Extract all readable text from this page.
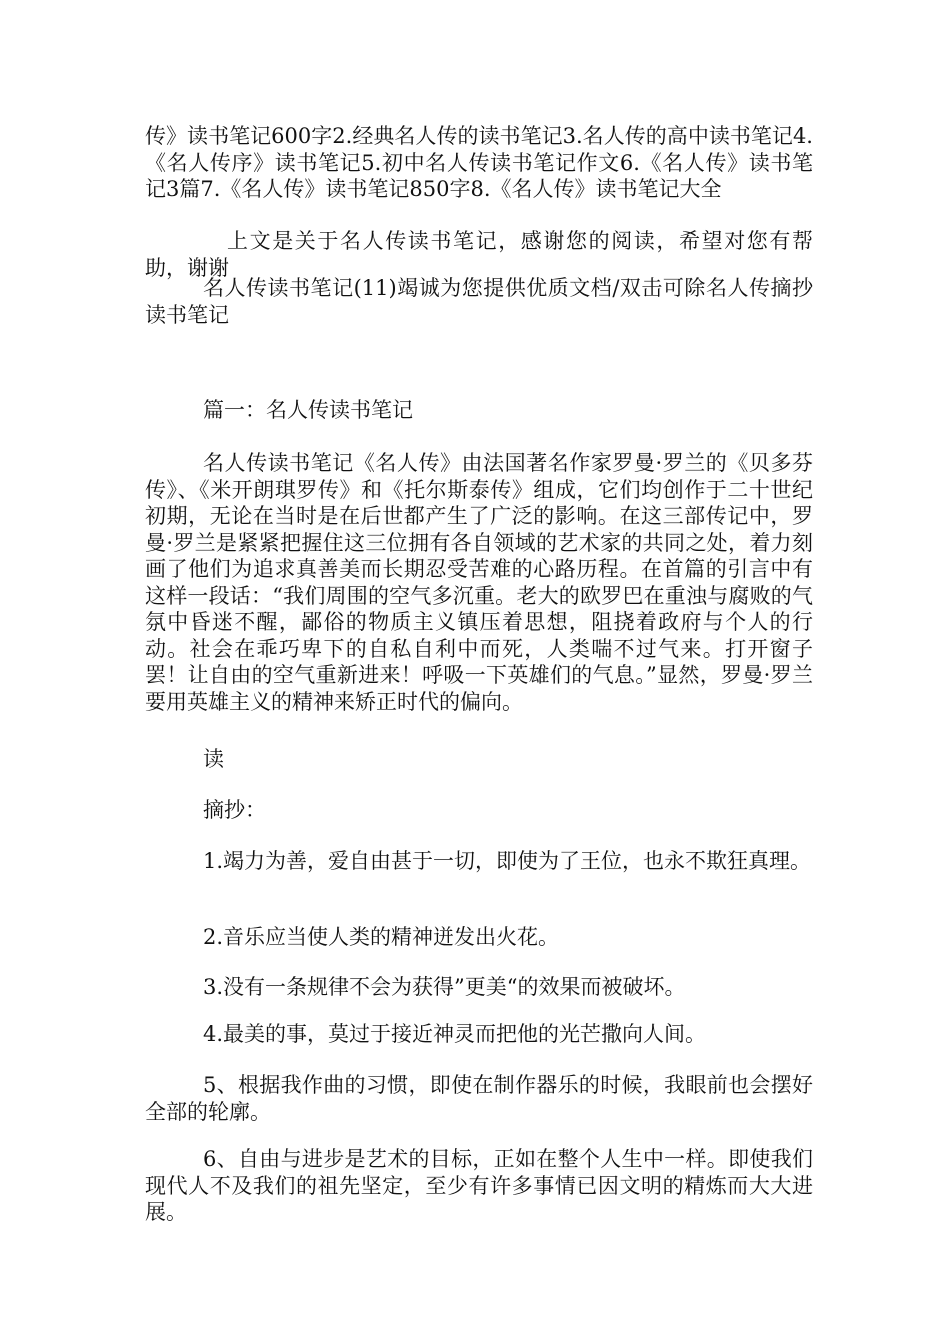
传》读书笔记600字2.经典名人传的读书笔记3.名人传的高中读书笔记4.《名人传序》读书笔记5.初中名人传读书笔记作文6.《名人传》读书笔记3篇7.《名人传》读书笔记850字8.《名人传》读书笔记大全

上文是关于名人传读书笔记，感谢您的阅读，希望对您有帮助，谢谢

名人传读书笔记(11)竭诚为您提供优质文档/双击可除名人传摘抄读书笔记

篇一：名人传读书笔记

名人传读书笔记《名人传》由法国著名作家罗曼·罗兰的《贝多芬传》、《米开朗琪罗传》和《托尔斯泰传》组成，它们均创作于二十世纪初期，无论在当时是在后世都产生了广泛的影响。在这三部传记中，罗曼·罗兰是紧紧把握住这三位拥有各自领域的艺术家的共同之处，着力刻画了他们为追求真善美而长期忍受苦难的心路历程。在首篇的引言中有这样一段话：“我们周围的空气多沉重。老大的欧罗巴在重浊与腐败的气氛中昏迷不醒，鄙俗的物质主义镇压着思想，阻挠着政府与个人的行动。社会在乖巧卑下的自私自利中而死，人类喘不过气来。打开窗子罢！让自由的空气重新进来！呼吸一下英雄们的气息。”显然，罗曼·罗兰要用英雄主义的精神来矫正时代的偏向。

读

摘抄：

1.竭力为善，爱自由甚于一切，即使为了王位，也永不欺狂真理。

2.音乐应当使人类的精神迸发出火花。

3.没有一条规律不会为获得”更美“的效果而被破坏。

4.最美的事，莫过于接近神灵而把他的光芒撒向人间。

5、根据我作曲的习惯，即使在制作器乐的时候，我眼前也会摆好全部的轮廓。

6、自由与进步是艺术的目标，正如在整个人生中一样。即使我们现代人不及我们的祖先坚定，至少有许多事情已因文明的精炼而大大进展。
